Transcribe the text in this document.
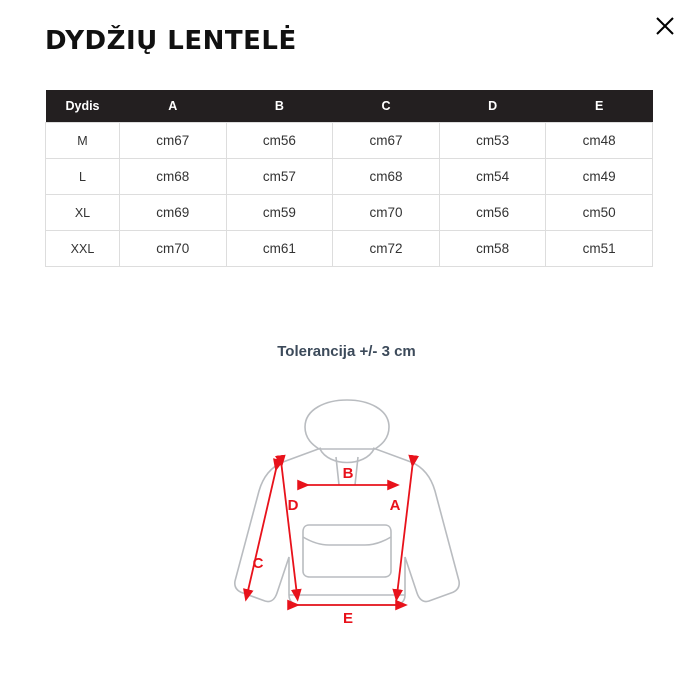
DYDŽIŲ LENTELĖ
Dydis	A	B	C	D	E
M	cm67	cm56	cm67	cm53	cm48
L	cm68	cm57	cm68	cm54	cm49
XL	cm69	cm59	cm70	cm56	cm50
XXL	cm70	cm61	cm72	cm58	cm51
Tolerancija +/- 3 cm
A
B
C
D
E
